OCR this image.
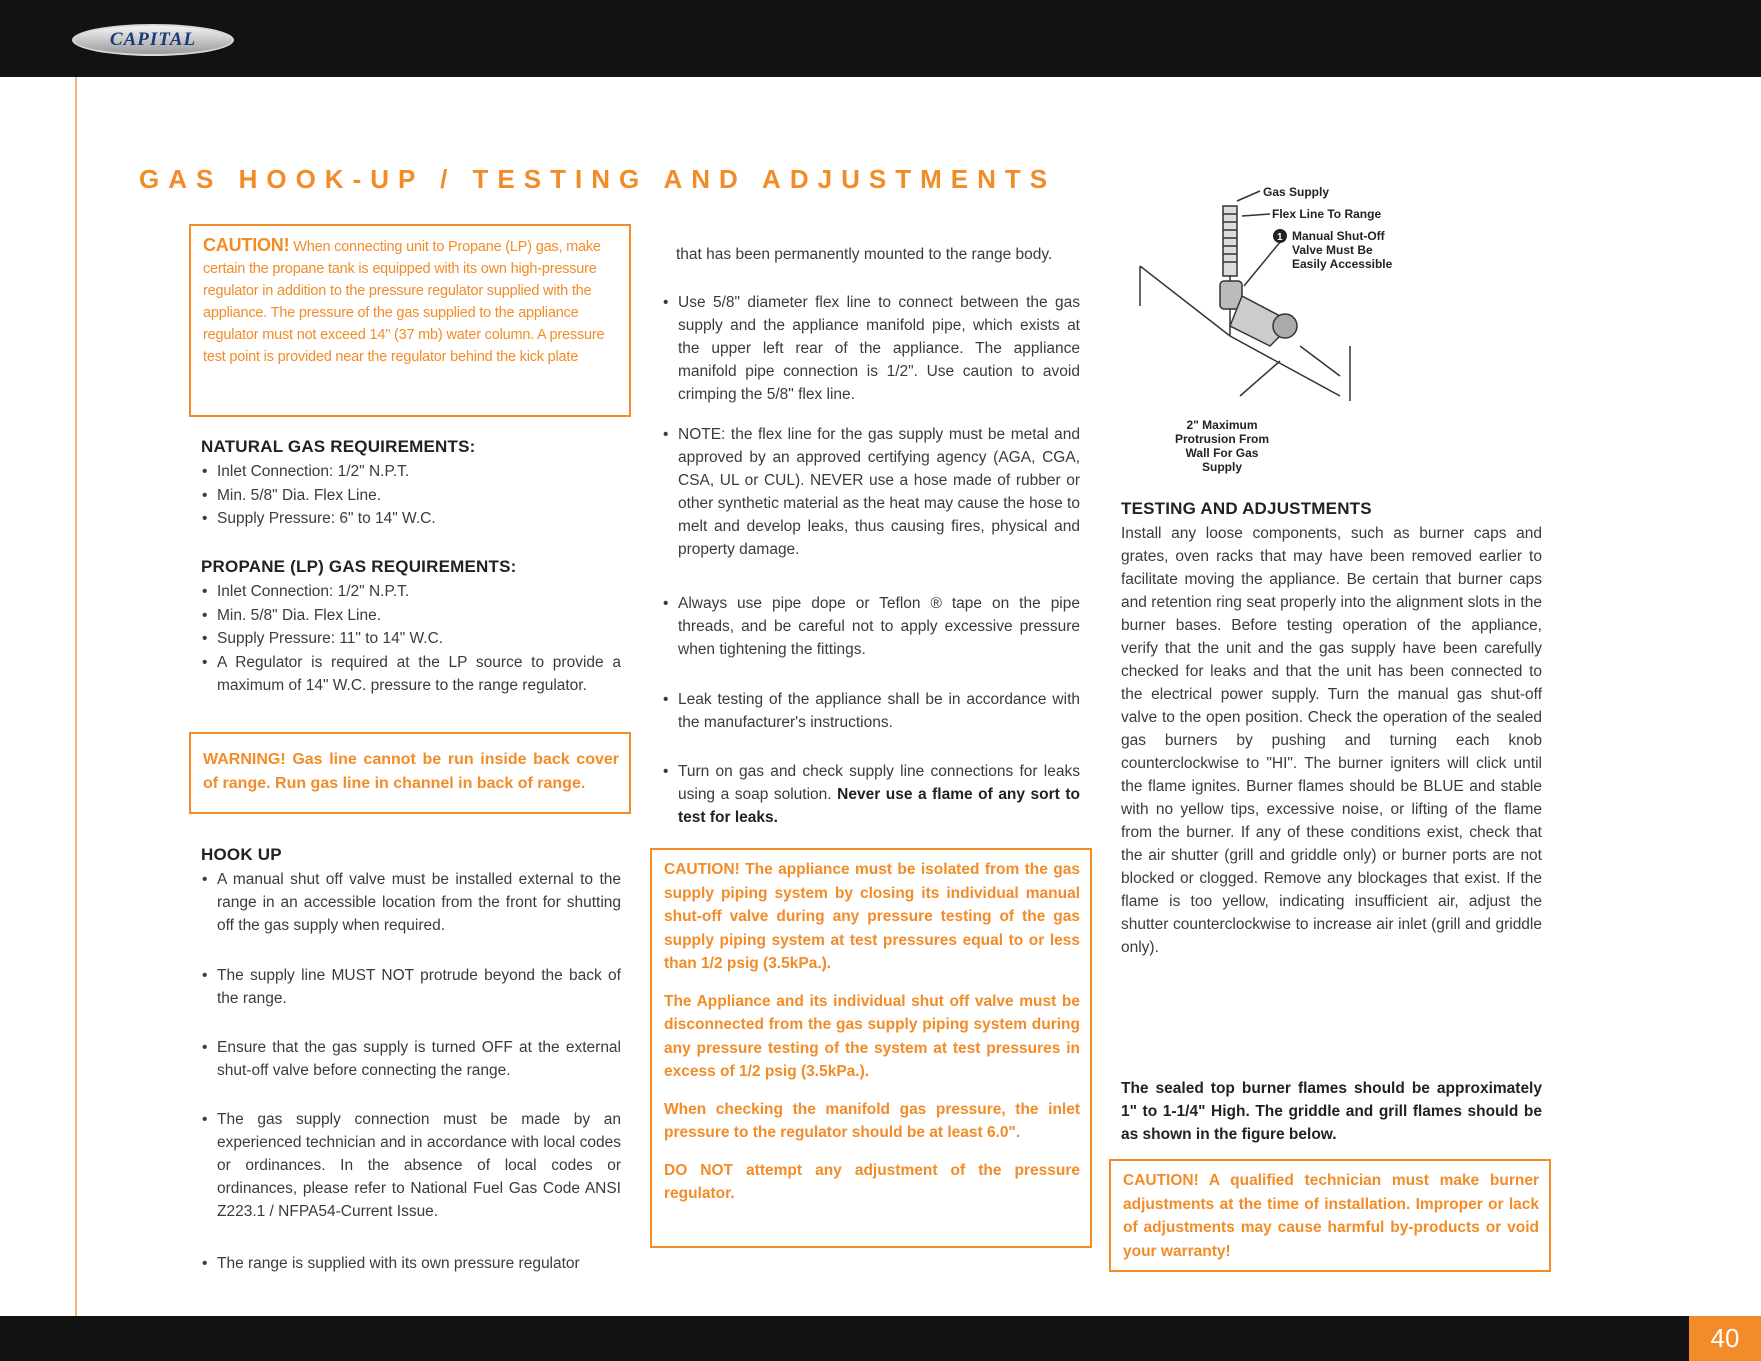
CAPITAL
40
GAS HOOK-UP / TESTING AND ADJUSTMENTS
CAUTION! When connecting unit to Propane (LP) gas, make certain the propane tank is equipped with its own high-pressure regulator in addition to the pressure regulator supplied with the appliance. The pressure of the gas supplied to the appliance regulator must not exceed 14" (37 mb) water column. A pressure test point is provided near the regulator behind the kick plate
NATURAL GAS REQUIREMENTS:
• Inlet Connection: 1/2" N.P.T.
• Min. 5/8" Dia. Flex Line.
• Supply Pressure: 6" to 14" W.C.
PROPANE (LP) GAS REQUIREMENTS:
• Inlet Connection: 1/2" N.P.T.
• Min. 5/8" Dia. Flex Line.
• Supply Pressure: 11" to 14" W.C.
• A Regulator is required at the LP source to provide a maximum of 14" W.C. pressure to the range regulator.
WARNING! Gas line cannot be run inside back cover of range. Run gas line in channel in back of range.
HOOK UP
• A manual shut off valve must be installed external to the range in an accessible location from the front for shutting off the gas supply when required.
• The supply line MUST NOT protrude beyond the back of the range.
• Ensure that the gas supply is turned OFF at the external shut-off valve before connecting the range.
• The gas supply connection must be made by an experienced technician and in accordance with local codes or ordinances. In the absence of local codes or ordinances, please refer to National Fuel Gas Code ANSI Z223.1 / NFPA54-Current Issue.
• The range is supplied with its own pressure regulator
that has been permanently mounted to the range body.
• Use 5/8" diameter flex line to connect between the gas supply and the appliance manifold pipe, which exists at the upper left rear of the appliance. The appliance manifold pipe connection is 1/2". Use caution to avoid crimping the 5/8" flex line.
• NOTE: the flex line for the gas supply must be metal and approved by an approved certifying agency (AGA, CGA, CSA, UL or CUL). NEVER use a hose made of rubber or other synthetic material as the heat may cause the hose to melt and develop leaks, thus causing fires, physical and property damage.
• Always use pipe dope or Teflon ® tape on the pipe threads, and be careful not to apply excessive pressure when tightening the fittings.
• Leak testing of the appliance shall be in accordance with the manufacturer's instructions.
• Turn on gas and check supply line connections for leaks using a soap solution. Never use a flame of any sort to test for leaks.
CAUTION! The appliance must be isolated from the gas supply piping system by closing its individual manual shut-off valve during any pressure testing of the gas supply piping system at test pressures equal to or less than 1/2 psig (3.5kPa.).
The Appliance and its individual shut off valve must be disconnected from the gas supply piping system during any pressure testing of the system at test pressures in excess of 1/2 psig (3.5kPa.).
When checking the manifold gas pressure, the inlet pressure to the regulator should be at least 6.0".
DO NOT attempt any adjustment of the pressure regulator.
Gas Supply
Flex Line To Range
1 Manual Shut-Off
Valve Must Be
Easily Accessible
2" Maximum
Protrusion From
Wall For Gas
Supply
TESTING AND ADJUSTMENTS
Install any loose components, such as burner caps and grates, oven racks that may have been removed earlier to facilitate moving the appliance. Be certain that burner caps and retention ring seat properly into the alignment slots in the burner bases. Before testing operation of the appliance, verify that the unit and the gas supply have been carefully checked for leaks and that the unit has been connected to the electrical power supply. Turn the manual gas shut-off valve to the open position. Check the operation of the sealed gas burners by pushing and turning each knob counterclockwise to "HI". The burner igniters will click until the flame ignites. Burner flames should be BLUE and stable with no yellow tips, excessive noise, or lifting of the flame from the burner. If any of these conditions exist, check that the air shutter (grill and griddle only) or burner ports are not blocked or clogged. Remove any blockages that exist. If the flame is too yellow, indicating insufficient air, adjust the shutter counterclockwise to increase air inlet (grill and griddle only).
The sealed top burner flames should be approximately 1" to 1-1/4" High. The griddle and grill flames should be as shown in the figure below.
CAUTION! A qualified technician must make burner adjustments at the time of installation. Improper or lack of adjustments may cause harmful by-products or void your warranty!
